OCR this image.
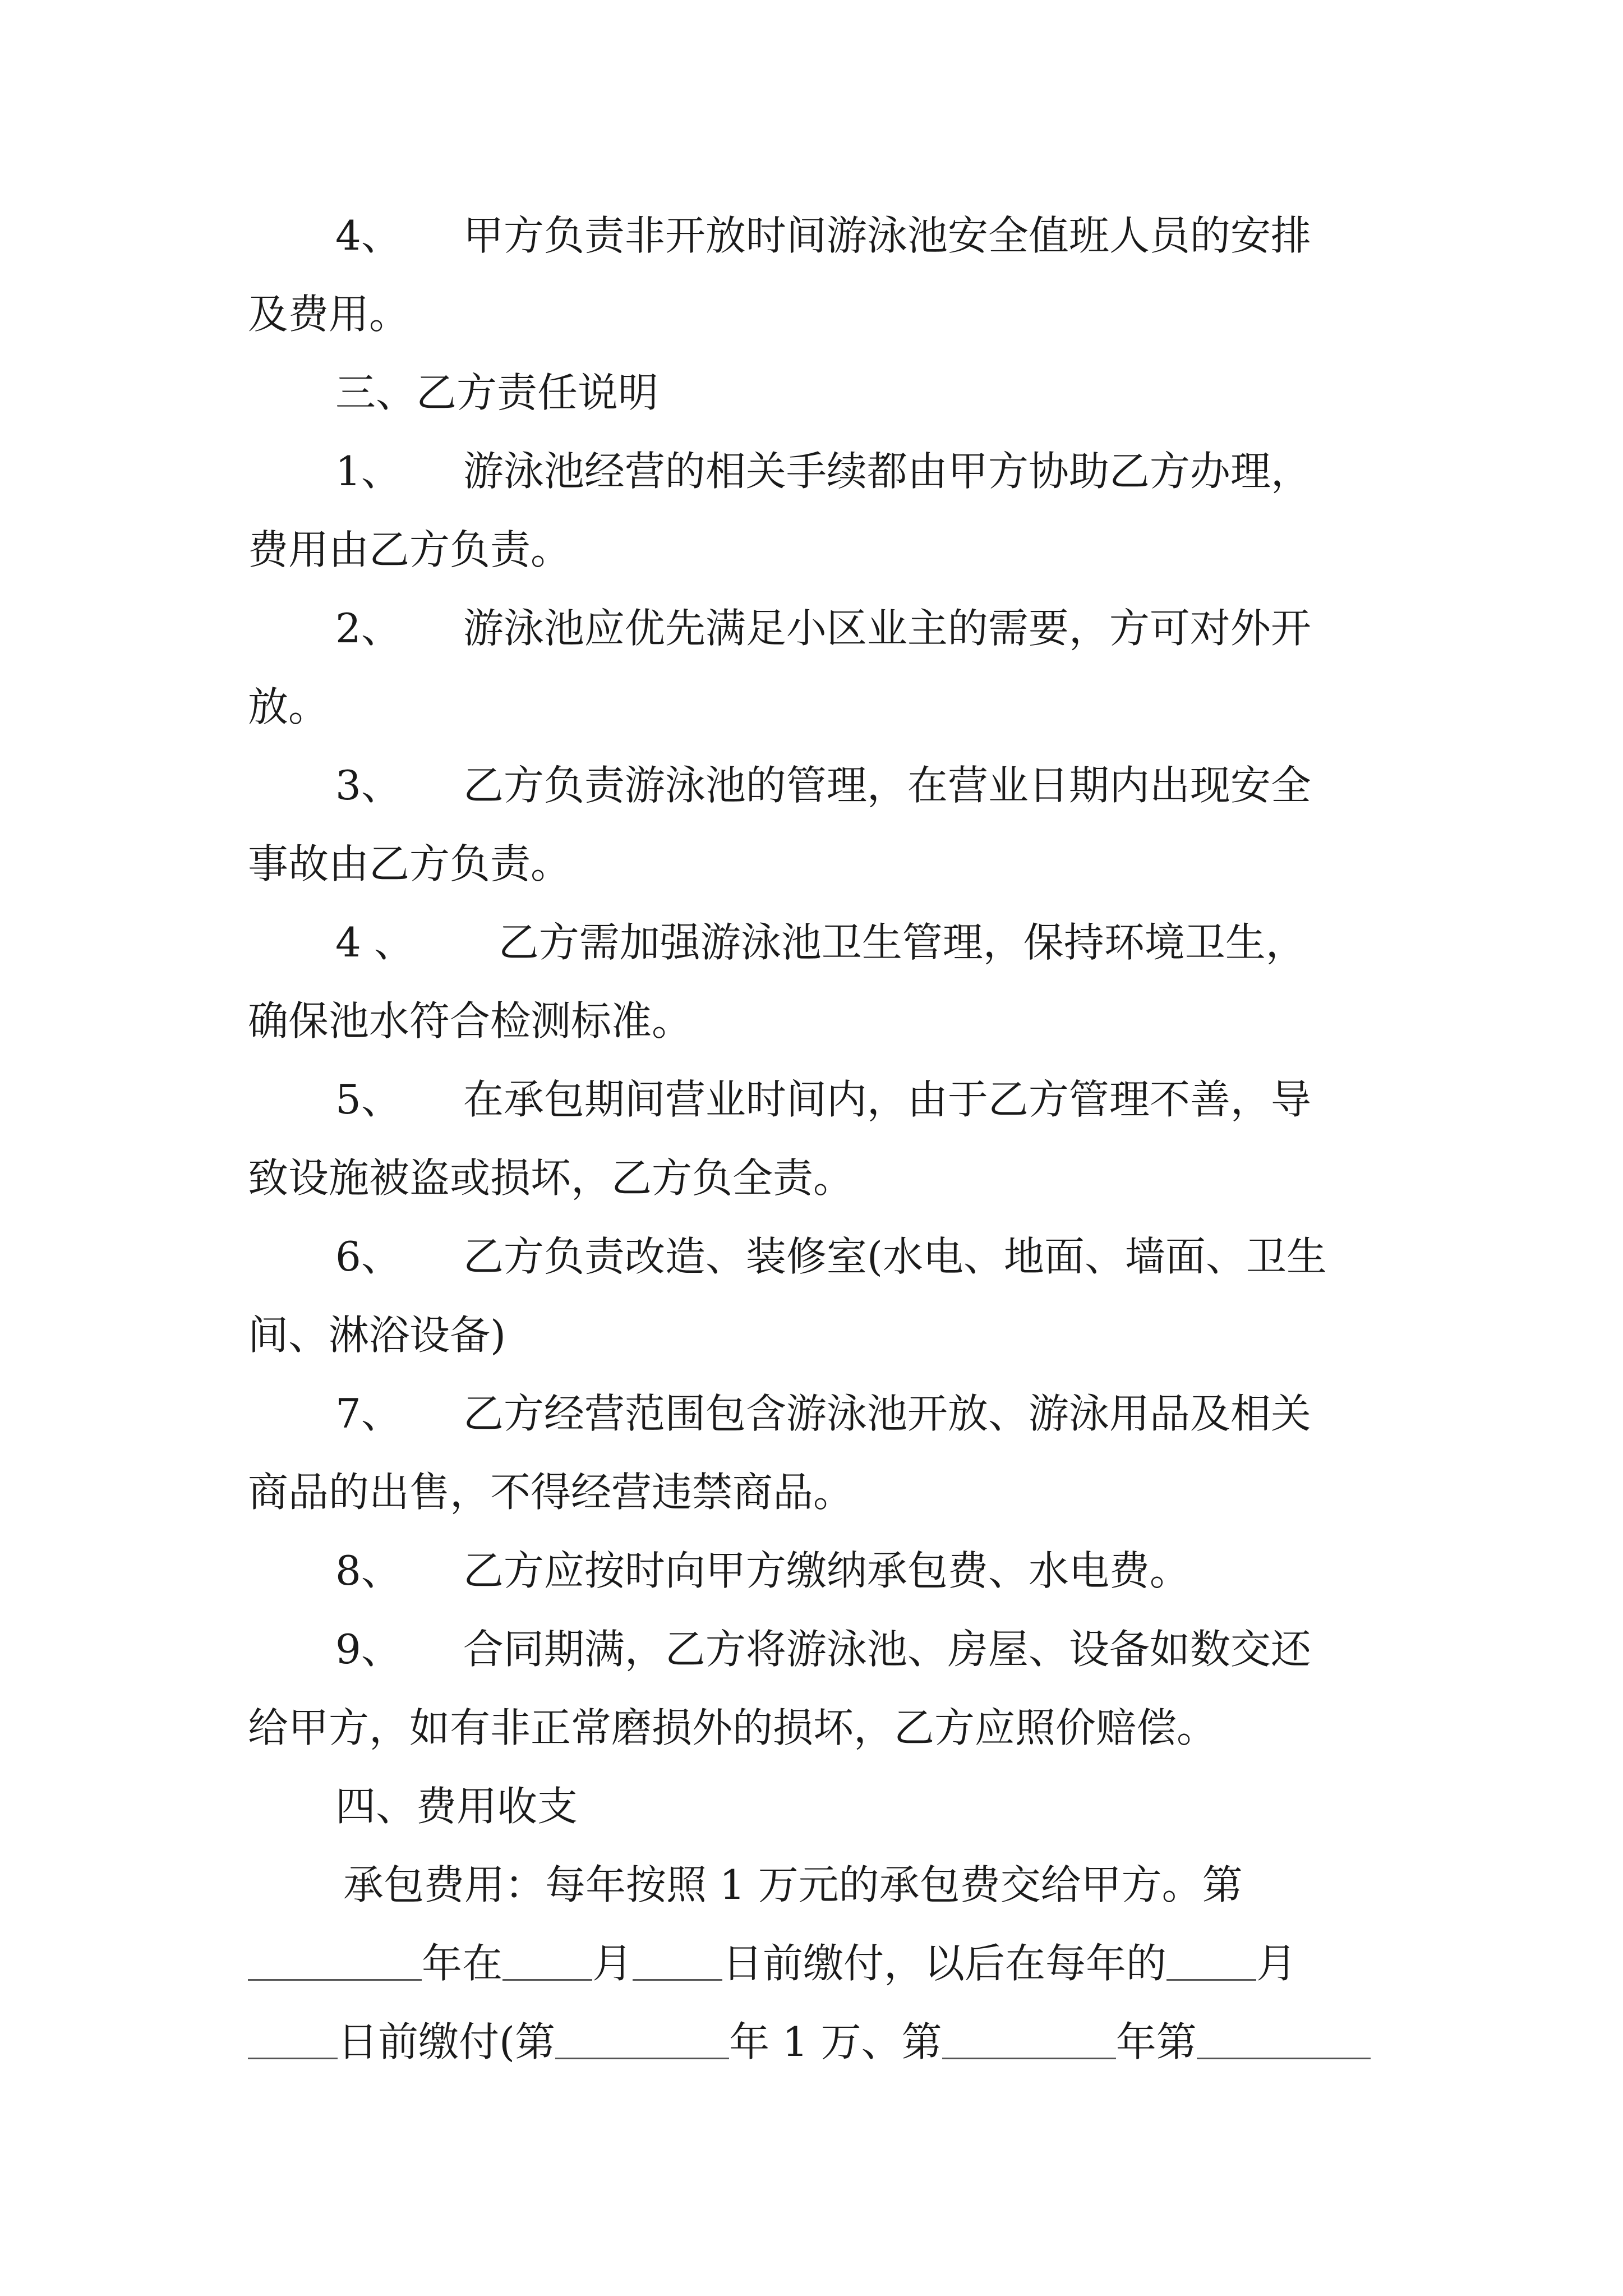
4、 甲方负责非开放时间游泳池安全值班人员的安排
及费用。
三、乙方责任说明
1、 游泳池经营的相关手续都由甲方协助乙方办理，
费用由乙方负责。
2、 游泳池应优先满足小区业主的需要，方可对外开
放。
3、 乙方负责游泳池的管理，在营业日期内出现安全
事故由乙方负责。
4 、 乙方需加强游泳池卫生管理，保持环境卫生，
确保池水符合检测标准。
5、 在承包期间营业时间内，由于乙方管理不善，导
致设施被盗或损坏，乙方负全责。
6、 乙方负责改造、装修室(水电、地面、墙面、卫生
间、淋浴设备)
7、 乙方经营范围包含游泳池开放、游泳用品及相关
商品的出售，不得经营违禁商品。
8、 乙方应按时向甲方缴纳承包费、水电费。
9、 合同期满，乙方将游泳池、房屋、设备如数交还
给甲方，如有非正常磨损外的损坏，乙方应照价赔偿。
四、费用收支
承包费用：每年按照 1 万元的承包费交给甲方。第
年在 月 日前缴付，以后在每年的 月
日前缴付(第	年 1 万、第	年第
